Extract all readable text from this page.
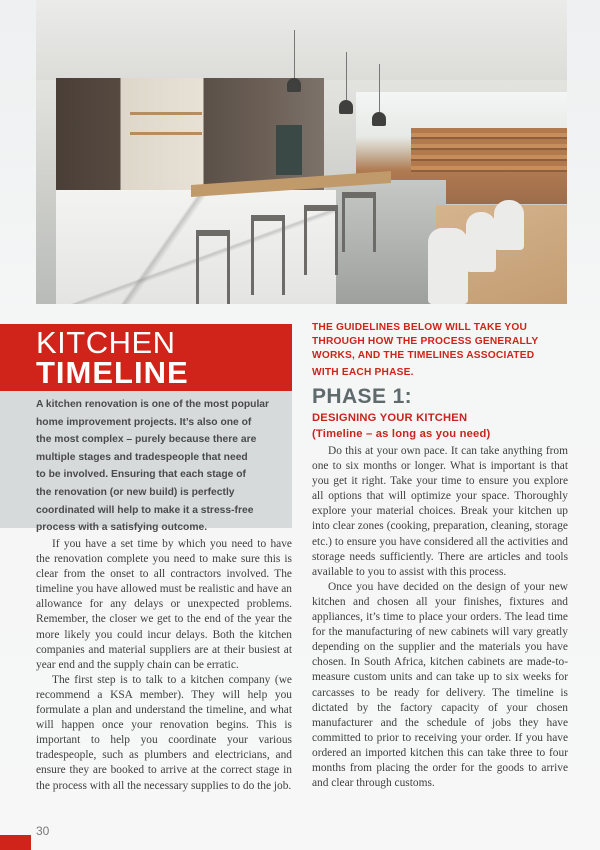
KITCHEN
TIMELINE
A kitchen renovation is one of the most popular
home improvement projects. It’s also one of
the most complex – purely because there are
multiple stages and tradespeople that need
to be involved. Ensuring that each stage of
the renovation (or new build) is perfectly
coordinated will help to make it a stress-free
process with a satisfying outcome.

If you have a set time by which you need to have the renovation complete you need to make sure this is clear from the onset to all contractors involved. The timeline you have allowed must be realistic and have an allowance for any delays or unexpected problems. Remember, the closer we get to the end of the year the more likely you could incur delays. Both the kitchen companies and material suppliers are at their busiest at year end and the supply chain can be erratic.

The first step is to talk to a kitchen company (we recommend a KSA member). They will help you formulate a plan and understand the timeline, and what will happen once your renovation begins. This is important to help you coordinate your various tradespeople, such as plumbers and electricians, and ensure they are booked to arrive at the correct stage in the process with all the necessary supplies to do the job.

THE GUIDELINES BELOW WILL TAKE YOU
THROUGH HOW THE PROCESS GENERALLY
WORKS, AND THE TIMELINES ASSOCIATED
WITH EACH PHASE.
PHASE 1:
DESIGNING YOUR KITCHEN
(Timeline – as long as you need)

Do this at your own pace. It can take anything from one to six months or longer. What is important is that you get it right. Take your time to ensure you explore all options that will optimize your space. Thoroughly explore your material choices. Break your kitchen up into clear zones (cooking, preparation, cleaning, storage etc.) to ensure you have considered all the activities and storage needs sufficiently. There are articles and tools available to you to assist with this process.

Once you have decided on the design of your new kitchen and chosen all your finishes, fixtures and appliances, it’s time to place your orders. The lead time for the manufacturing of new cabinets will vary greatly depending on the supplier and the materials you have chosen. In South Africa, kitchen cabinets are made-to-measure custom units and can take up to six weeks for carcasses to be ready for delivery. The timeline is dictated by the factory capacity of your chosen manufacturer and the schedule of jobs they have committed to prior to receiving your order. If you have ordered an imported kitchen this can take three to four months from placing the order for the goods to arrive and clear through customs.

30
